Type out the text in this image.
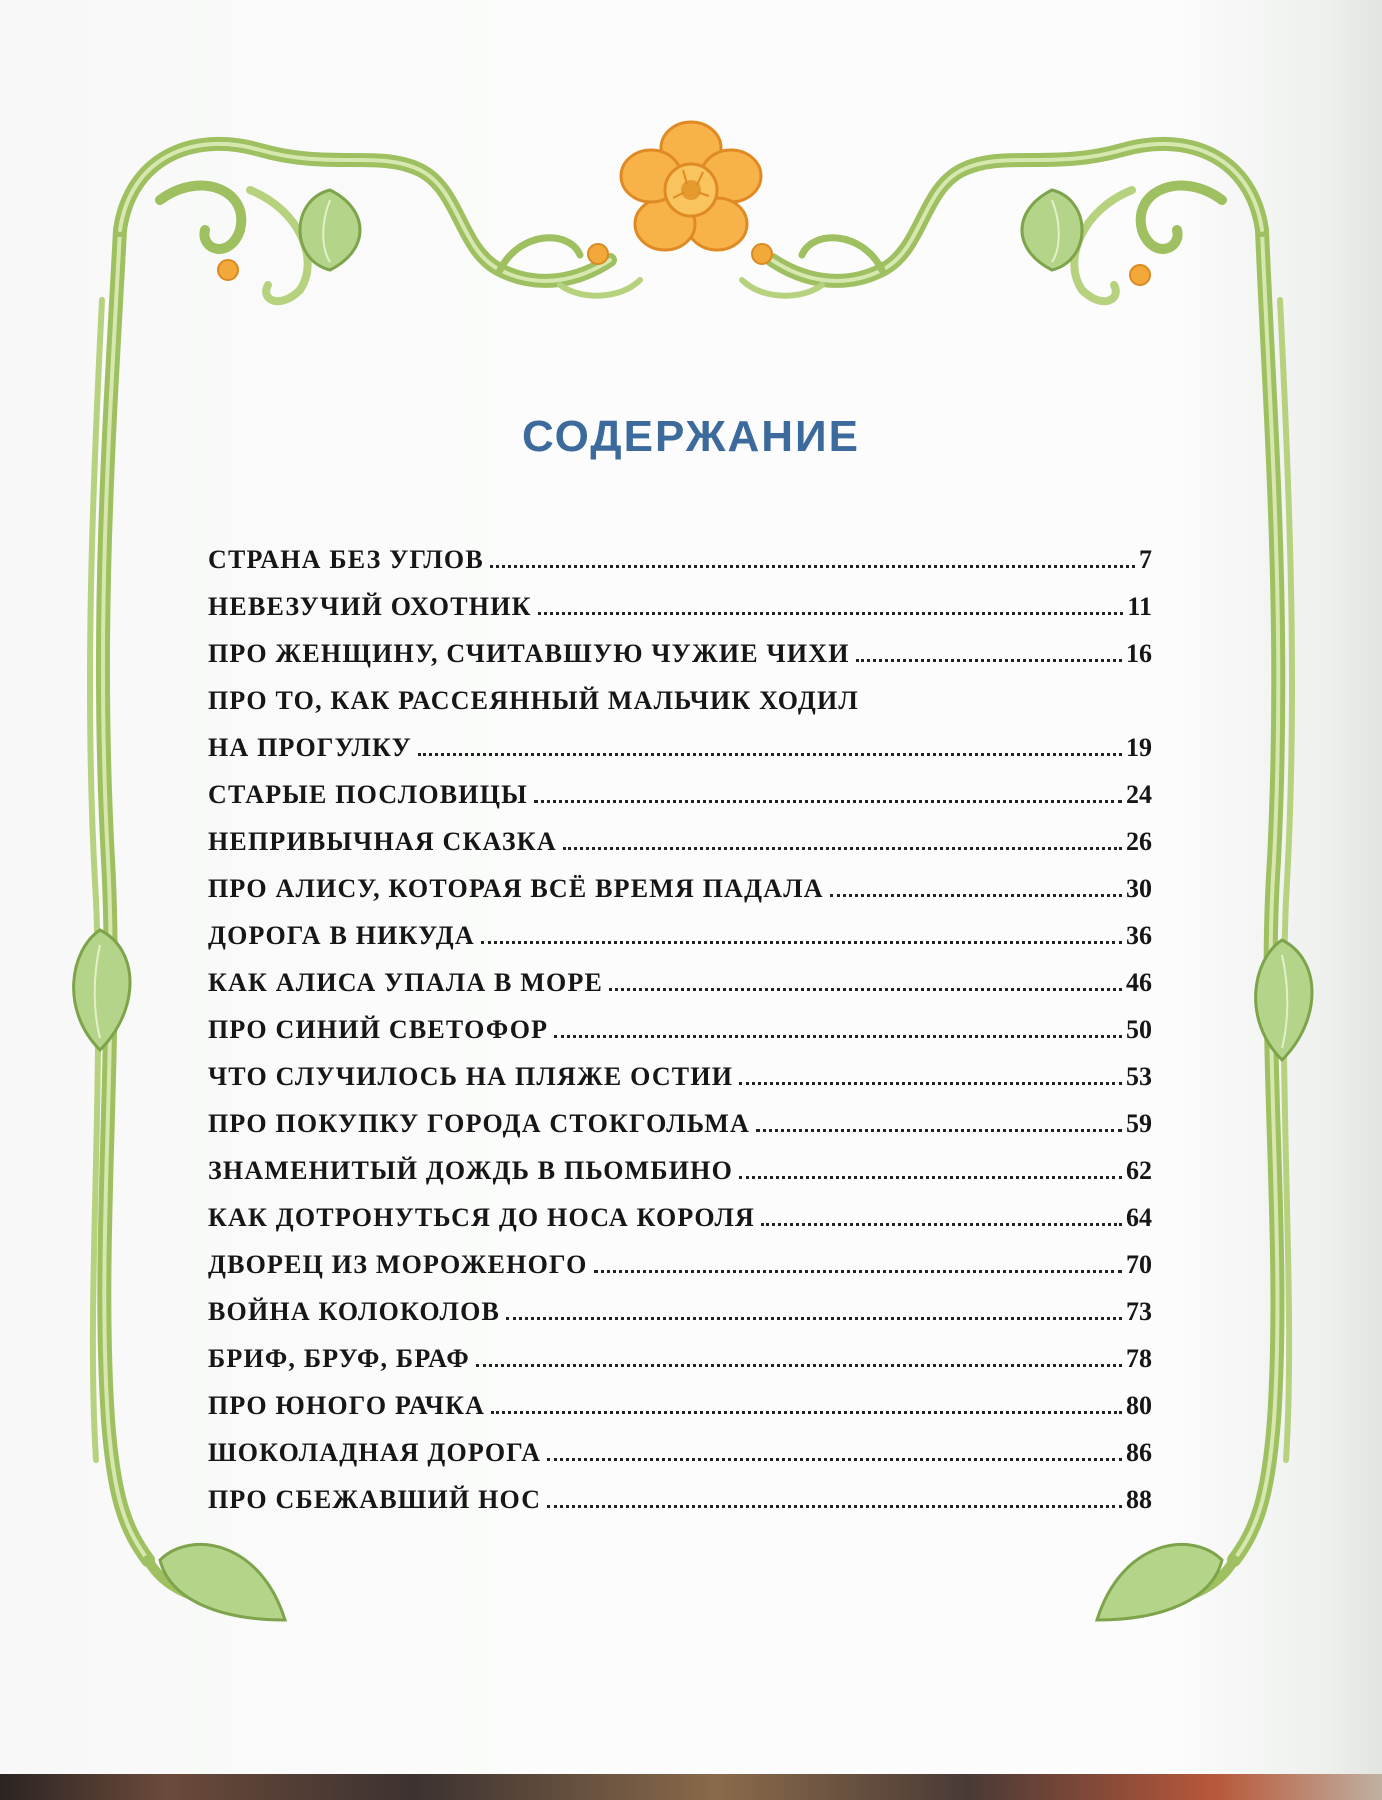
СОДЕРЖАНИЕ
СТРАНА БЕЗ УГЛОВ	7
НЕВЕЗУЧИЙ ОХОТНИК	11
ПРО ЖЕНЩИНУ, СЧИТАВШУЮ ЧУЖИЕ ЧИХИ	16
ПРО ТО, КАК РАССЕЯННЫЙ МАЛЬЧИК ХОДИЛ
НА ПРОГУЛКУ	19
СТАРЫЕ ПОСЛОВИЦЫ	24
НЕПРИВЫЧНАЯ СКАЗКА	26
ПРО АЛИСУ, КОТОРАЯ ВСЁ ВРЕМЯ ПАДАЛА	30
ДОРОГА В НИКУДА	36
КАК АЛИСА УПАЛА В МОРЕ	46
ПРО СИНИЙ СВЕТОФОР	50
ЧТО СЛУЧИЛОСЬ НА ПЛЯЖЕ ОСТИИ	53
ПРО ПОКУПКУ ГОРОДА СТОКГОЛЬМА	59
ЗНАМЕНИТЫЙ ДОЖДЬ В ПЬОМБИНО	62
КАК ДОТРОНУТЬСЯ ДО НОСА КОРОЛЯ	64
ДВОРЕЦ ИЗ МОРОЖЕНОГО	70
ВОЙНА КОЛОКОЛОВ	73
БРИФ, БРУФ, БРАФ	78
ПРО ЮНОГО РАЧКА	80
ШОКОЛАДНАЯ ДОРОГА	86
ПРО СБЕЖАВШИЙ НОС	88
